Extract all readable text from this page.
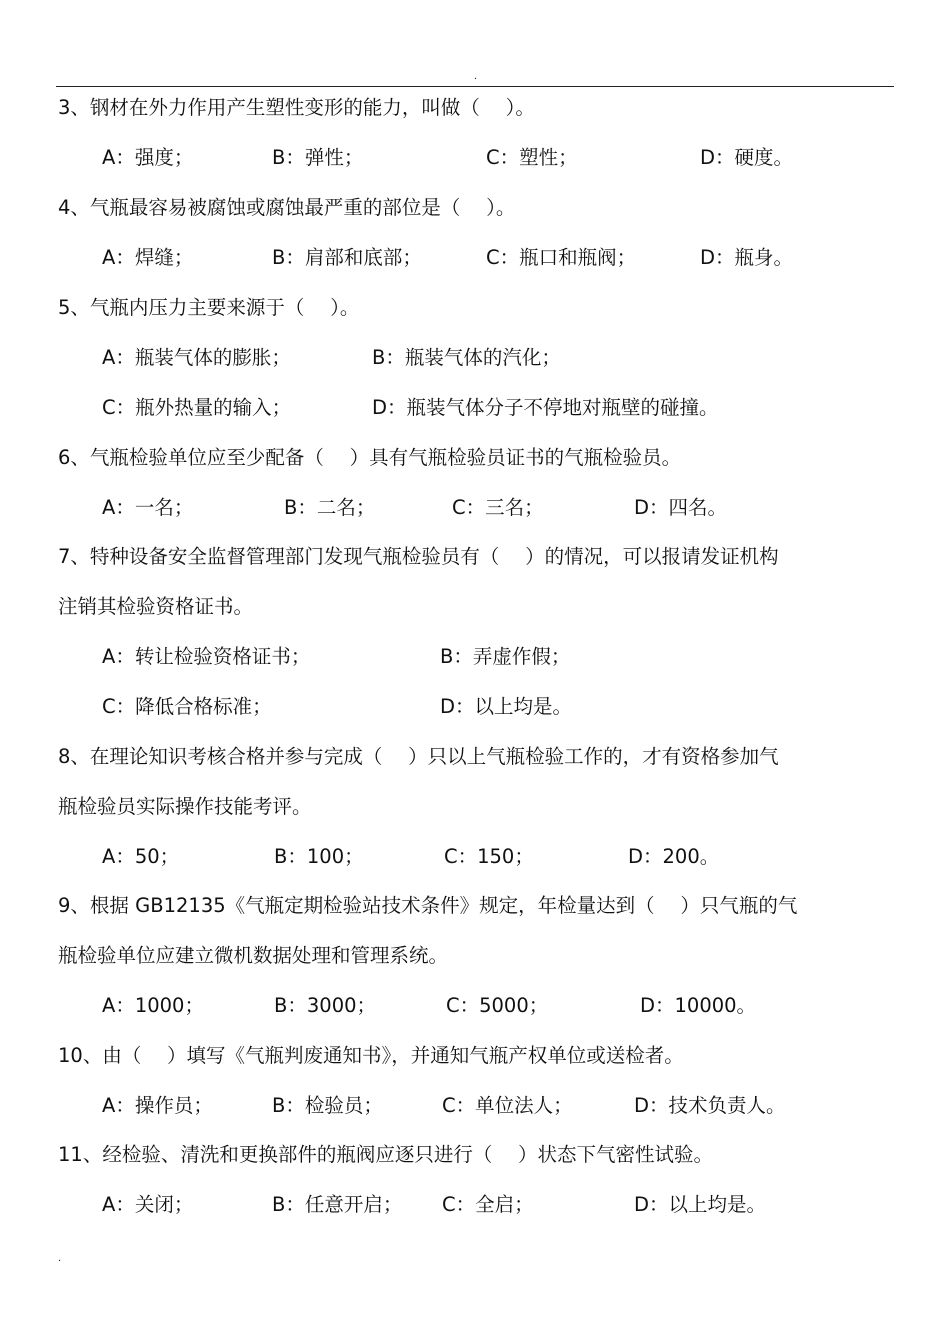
.
3、钢材在外力作用产生塑性变形的能力，叫做（　 ）。
A：强度；	B：弹性；	C：塑性；	D：硬度。
4、气瓶最容易被腐蚀或腐蚀最严重的部位是（　 ）。
A：焊缝；	B：肩部和底部；	C：瓶口和瓶阀；	D：瓶身。
5、气瓶内压力主要来源于（　 ）。
A：瓶装气体的膨胀；	B：瓶装气体的汽化；
C：瓶外热量的输入；	D：瓶装气体分子不停地对瓶壁的碰撞。
6、气瓶检验单位应至少配备（　 ）具有气瓶检验员证书的气瓶检验员。
A：一名；	B：二名；	C：三名；	D：四名。
7、特种设备安全监督管理部门发现气瓶检验员有（　 ）的情况，可以报请发证机构
注销其检验资格证书。
A：转让检验资格证书；	B：弄虚作假；
C：降低合格标准；	D：以上均是。
8、在理论知识考核合格并参与完成（　 ）只以上气瓶检验工作的，才有资格参加气
瓶检验员实际操作技能考评。
A：50；	B：100；	C：150；	D：200。
9、根据 GB12135《气瓶定期检验站技术条件》规定，年检量达到（　 ）只气瓶的气
瓶检验单位应建立微机数据处理和管理系统。
A：1000；	B：3000；	C：5000；	D：10000。
10、由（　 ）填写《气瓶判废通知书》，并通知气瓶产权单位或送检者。
A：操作员；	B：检验员；	C：单位法人；	D：技术负责人。
11、经检验、清洗和更换部件的瓶阀应逐只进行（　 ）状态下气密性试验。
A：关闭；	B：任意开启； C：全启；	D：以上均是。
.
